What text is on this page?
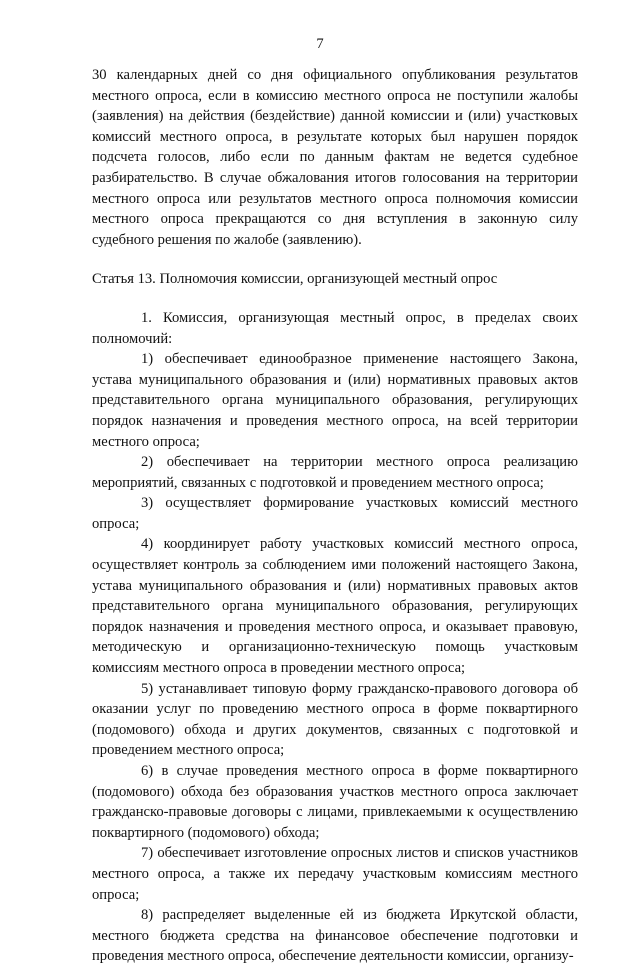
7

30 календарных дней со дня официального опубликования результатов местного опроса, если в комиссию местного опроса не поступили жалобы (заявления) на действия (бездействие) данной комиссии и (или) участковых комиссий местного опроса, в результате которых был нарушен порядок подсчета голосов, либо если по данным фактам не ведется судебное разбирательство. В случае обжалования итогов голосования на территории местного опроса или результатов местного опроса полномочия комиссии местного опроса прекращаются со дня вступления в законную силу судебного решения по жалобе (заявлению).

Статья 13. Полномочия комиссии, организующей местный опрос

1. Комиссия, организующая местный опрос, в пределах своих полномочий:

1) обеспечивает единообразное применение настоящего Закона, устава муниципального образования и (или) нормативных правовых актов представительного органа муниципального образования, регулирующих порядок назначения и проведения местного опроса, на всей территории местного опроса;

2) обеспечивает на территории местного опроса реализацию мероприятий, связанных с подготовкой и проведением местного опроса;

3) осуществляет формирование участковых комиссий местного опроса;

4) координирует работу участковых комиссий местного опроса, осуществляет контроль за соблюдением ими положений настоящего Закона, устава муниципального образования и (или) нормативных правовых актов представительного органа муниципального образования, регулирующих порядок назначения и проведения местного опроса, и оказывает правовую, методическую и организационно-техническую помощь участковым комиссиям местного опроса в проведении местного опроса;

5) устанавливает типовую форму гражданско-правового договора об оказании услуг по проведению местного опроса в форме поквартирного (подомового) обхода и других документов, связанных с подготовкой и проведением местного опроса;

6) в случае проведения местного опроса в форме поквартирного (подомового) обхода без образования участков местного опроса заключает гражданско-правовые договоры с лицами, привлекаемыми к осуществлению поквартирного (подомового) обхода;

7) обеспечивает изготовление опросных листов и списков участников местного опроса, а также их передачу участковым комиссиям местного опроса;

8) распределяет выделенные ей из бюджета Иркутской области, местного бюджета средства на финансовое обеспечение подготовки и проведения местного опроса, обеспечение деятельности комиссии, организу-
